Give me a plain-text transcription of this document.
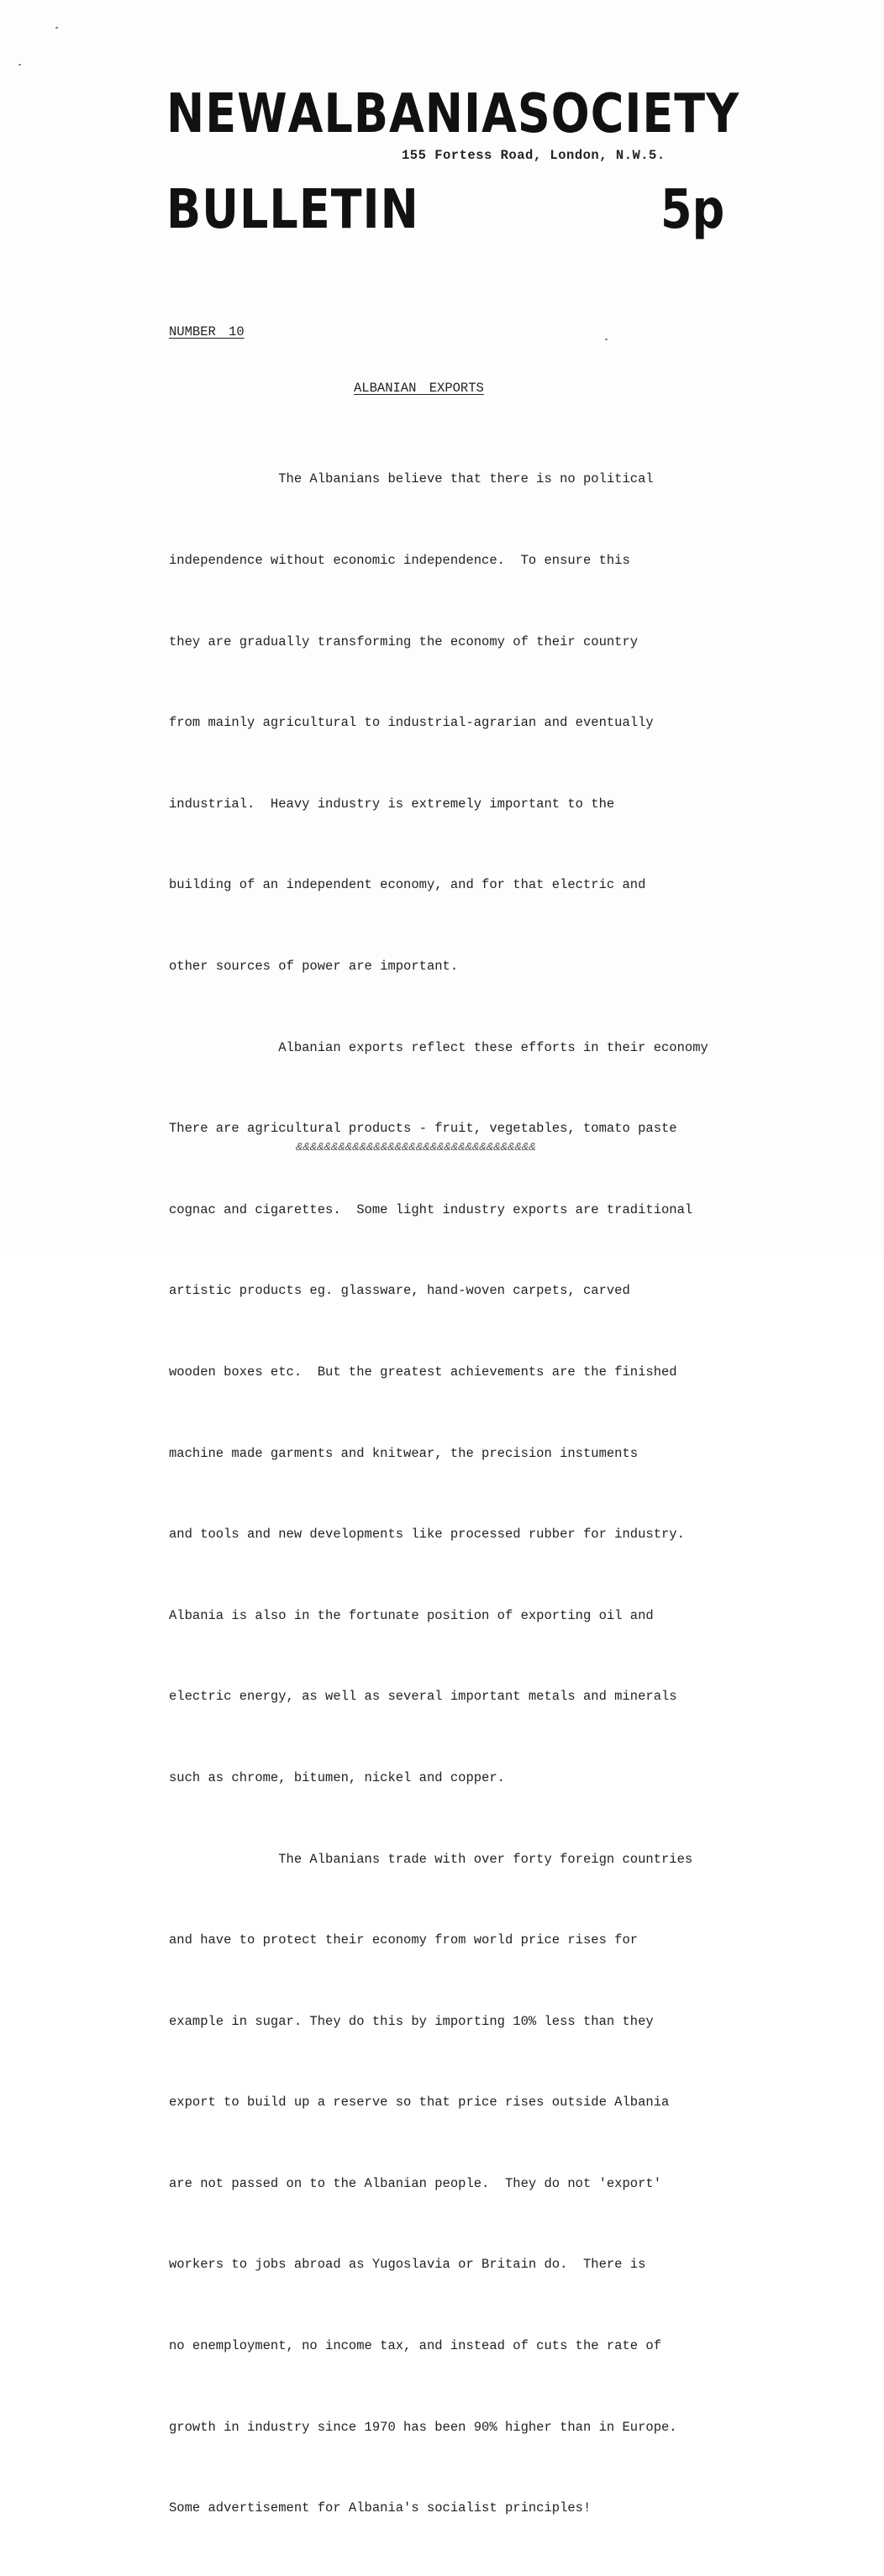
NEW ALBANIA SOCIETY
155 Fortess Road, London, N.W.5.
BULLETIN	5p
NUMBER 10
ALBANIAN EXPORTS

The Albanians believe that there is no political

independence without economic independence.  To ensure this

they are gradually transforming the economy of their country

from mainly agricultural to industrial-agrarian and eventually

industrial.  Heavy industry is extremely important to the

building of an independent economy, and for that electric and

other sources of power are important.

Albanian exports reflect these efforts in their economy

There are agricultural products - fruit, vegetables, tomato paste

cognac and cigarettes.  Some light industry exports are traditional

artistic products eg. glassware, hand-woven carpets, carved

wooden boxes etc.  But the greatest achievements are the finished

machine made garments and knitwear, the precision instuments

and tools and new developments like processed rubber for industry.

Albania is also in the fortunate position of exporting oil and

electric energy, as well as several important metals and minerals

such as chrome, bitumen, nickel and copper.

The Albanians trade with over forty foreign countries

and have to protect their economy from world price rises for

example in sugar. They do this by importing 10% less than they

export to build up a reserve so that price rises outside Albania

are not passed on to the Albanian people.  They do not 'export'

workers to jobs abroad as Yugoslavia or Britain do.  There is

no enemployment, no income tax, and instead of cuts the rate of

growth in industry since 1970 has been 90% higher than in Europe.

Some advertisement for Albania's socialist principles!

&&&&&&&&&&&&&&&&&&&&&&&&&&&&&&&&&&
